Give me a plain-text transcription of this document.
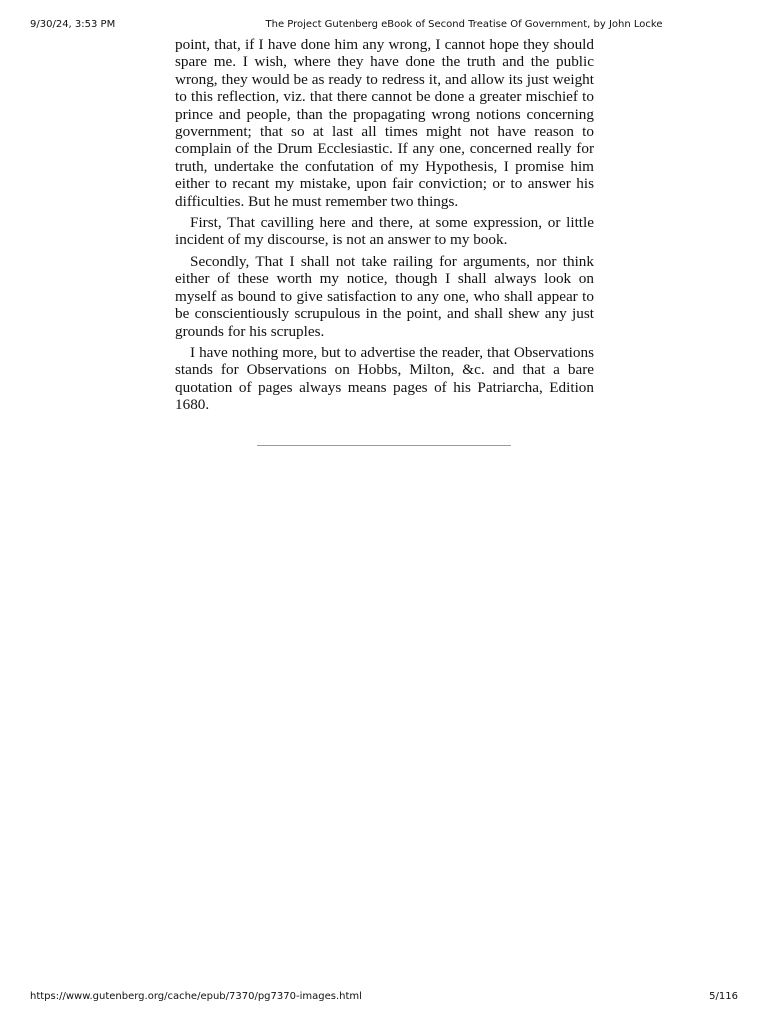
9/30/24, 3:53 PM	The Project Gutenberg eBook of Second Treatise Of Government, by John Locke

point, that, if I have done him any wrong, I cannot hope they should spare me. I wish, where they have done the truth and the public wrong, they would be as ready to redress it, and allow its just weight to this reflection, viz. that there cannot be done a greater mischief to prince and people, than the propagating wrong notions concerning government; that so at last all times might not have reason to complain of the Drum Ecclesiastic. If any one, concerned really for truth, undertake the confutation of my Hypothesis, I promise him either to recant my mistake, upon fair conviction; or to answer his difficulties. But he must remember two things.

First, That cavilling here and there, at some expression, or little incident of my discourse, is not an answer to my book.

Secondly, That I shall not take railing for arguments, nor think either of these worth my notice, though I shall always look on myself as bound to give satisfaction to any one, who shall appear to be conscientiously scrupulous in the point, and shall shew any just grounds for his scruples.

I have nothing more, but to advertise the reader, that Observations stands for Observations on Hobbs, Milton, &c. and that a bare quotation of pages always means pages of his Patriarcha, Edition 1680.

https://www.gutenberg.org/cache/epub/7370/pg7370-images.html	5/116
